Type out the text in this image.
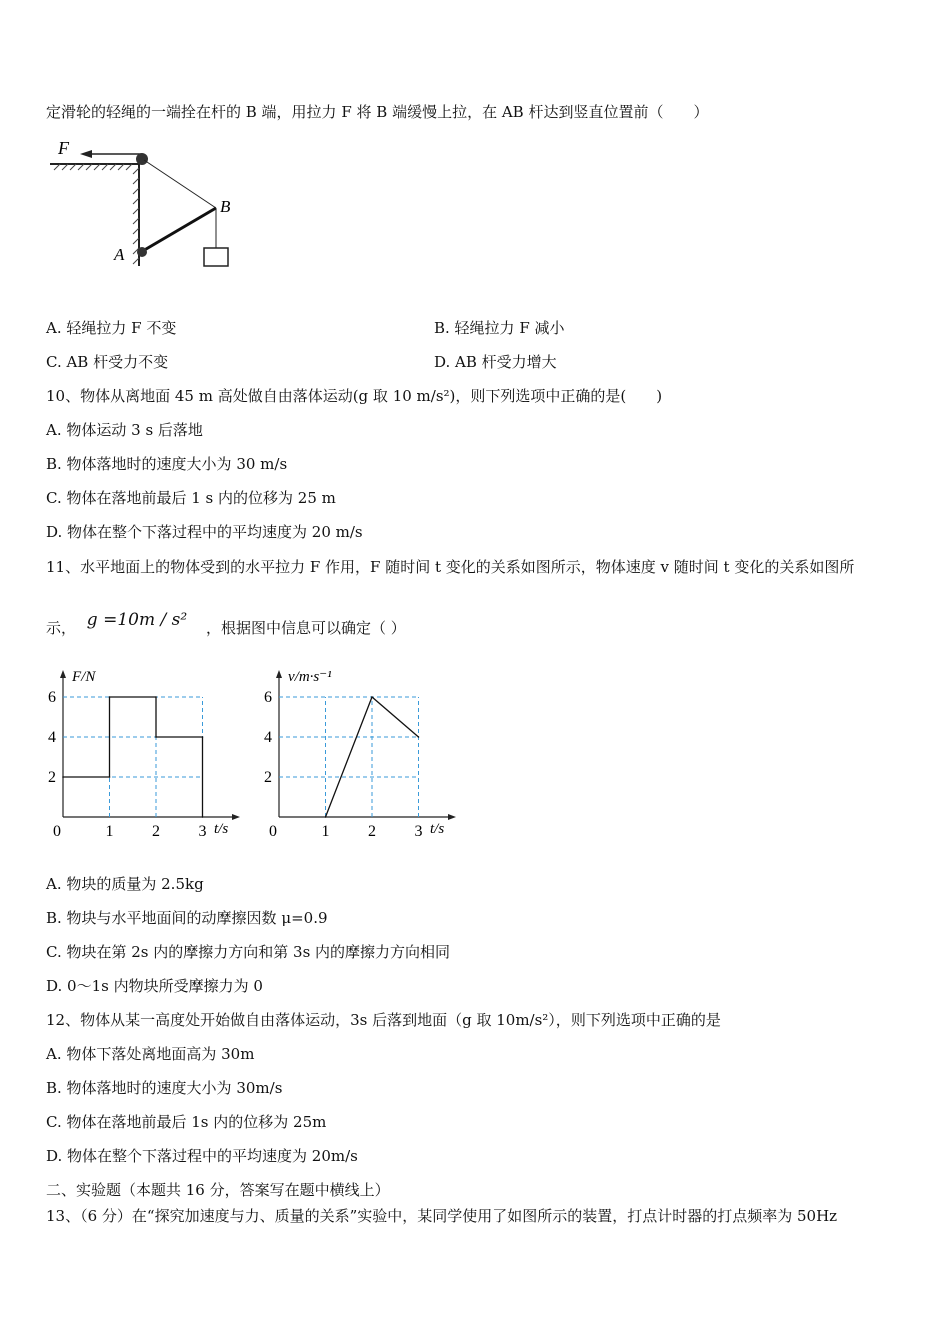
定滑轮的轻绳的一端拴在杆的 B 端，用拉力 F 将 B 端缓慢上拉，在 AB 杆达到竖直位置前（　　）
F
B
A
A. 轻绳拉力 F 不变	B. 轻绳拉力 F 减小
C. AB 杆受力不变	D. AB 杆受力增大
10、物体从离地面 45 m 高处做自由落体运动(g 取 10 m/s²)，则下列选项中正确的是(　　)
A. 物体运动 3 s 后落地
B. 物体落地时的速度大小为 30 m/s
C. 物体在落地前最后 1 s 内的位移为 25 m
D. 物体在整个下落过程中的平均速度为 20 m/s
11、水平地面上的物体受到的水平拉力 F 作用，F 随时间 t 变化的关系如图所示，物体速度 v 随时间 t 变化的关系如图所
示， g =10m / s² ，根据图中信息可以确定（ ）
0	1 2 3
2
4
6
F/N
t/s	0	1 2 3
2
4
6
v/m·s⁻¹
t/s
A. 物块的质量为 2.5kg
B. 物块与水平地面间的动摩擦因数 μ=0.9
C. 物块在第 2s 内的摩擦力方向和第 3s 内的摩擦力方向相同
D. 0～1s 内物块所受摩擦力为 0
12、物体从某一高度处开始做自由落体运动，3s 后落到地面（g 取 10m/s²），则下列选项中正确的是
A. 物体下落处离地面高为 30m
B. 物体落地时的速度大小为 30m/s
C. 物体在落地前最后 1s 内的位移为 25m
D. 物体在整个下落过程中的平均速度为 20m/s
二、实验题（本题共 16 分，答案写在题中横线上）
13、（6 分）在“探究加速度与力、质量的关系”实验中，某同学使用了如图所示的装置，打点计时器的打点频率为 50Hz
